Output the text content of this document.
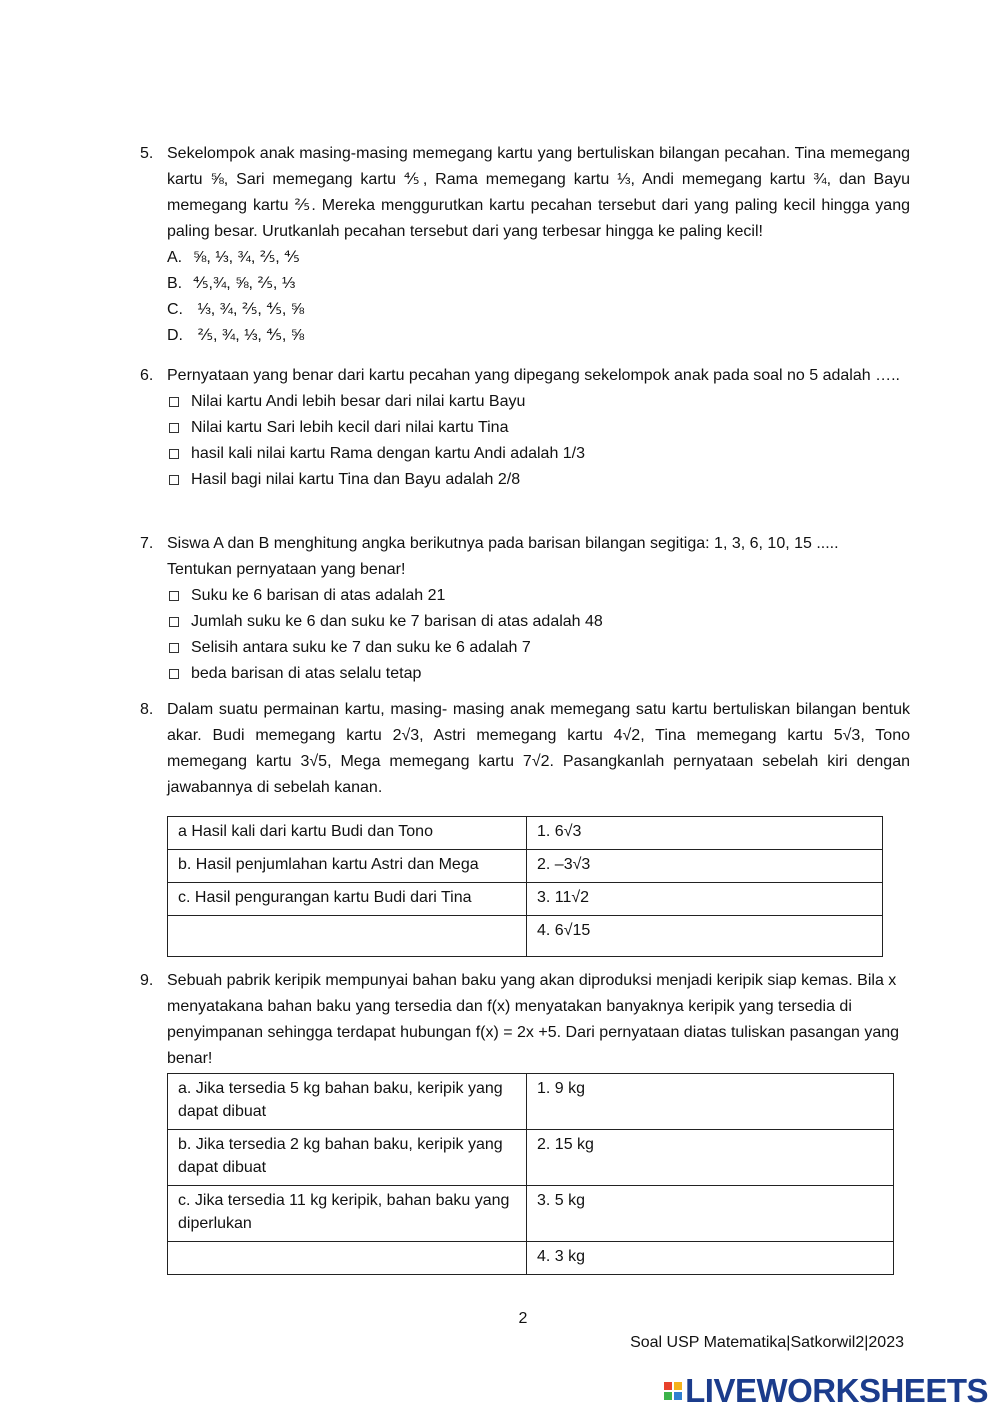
5. Sekelompok anak masing-masing memegang kartu yang bertuliskan bilangan pecahan. Tina memegang kartu ⅝, Sari memegang kartu ⅘, Rama memegang kartu ⅓, Andi memegang kartu ¾, dan Bayu memegang kartu ⅖. Mereka menggurutkan kartu pecahan tersebut dari yang paling kecil hingga yang paling besar. Urutkanlah pecahan tersebut dari yang terbesar hingga ke paling kecil!
A. ⅝, ⅓, ¾, ⅖, ⅘
B. ⅘,¾, ⅝, ⅖, ⅓
C. ⅓, ¾, ⅖, ⅘, ⅝
D. ⅖, ¾, ⅓, ⅘, ⅝
6. Pernyataan yang benar dari kartu pecahan yang dipegang sekelompok anak pada soal no 5 adalah …..
Nilai kartu Andi lebih besar dari nilai kartu Bayu
Nilai kartu Sari lebih kecil dari nilai kartu Tina
hasil kali nilai kartu Rama dengan kartu Andi adalah 1/3
Hasil bagi nilai kartu Tina dan Bayu adalah 2/8
7. Siswa A dan B menghitung angka berikutnya pada barisan bilangan segitiga: 1, 3, 6, 10, 15 ..... Tentukan pernyataan yang benar!
Suku ke 6 barisan di atas adalah 21
Jumlah suku ke 6 dan suku ke 7 barisan di atas adalah 48
Selisih antara suku ke 7 dan suku ke 6 adalah 7
beda barisan di atas selalu tetap
8. Dalam suatu permainan kartu, masing- masing anak memegang satu kartu bertuliskan bilangan bentuk akar. Budi memegang kartu 2√3, Astri memegang kartu 4√2, Tina memegang kartu 5√3, Tono memegang kartu 3√5, Mega memegang kartu 7√2. Pasangkanlah pernyataan sebelah kiri dengan jawabannya di sebelah kanan.
a Hasil kali dari kartu Budi dan Tono	1. 6√3
b. Hasil penjumlahan kartu Astri dan Mega	2. –3√3
c. Hasil pengurangan kartu Budi dari Tina	3. 11√2
	4. 6√15
9. Sebuah pabrik keripik mempunyai bahan baku yang akan diproduksi menjadi keripik siap kemas. Bila x menyatakana bahan baku yang tersedia dan f(x) menyatakan banyaknya keripik yang tersedia di penyimpanan sehingga terdapat hubungan f(x) = 2x +5. Dari pernyataan diatas tuliskan pasangan yang benar!
a. Jika tersedia 5 kg bahan baku, keripik yang dapat dibuat	1. 9 kg
b. Jika tersedia 2 kg bahan baku, keripik yang dapat dibuat	2. 15 kg
c. Jika tersedia 11 kg keripik, bahan baku yang diperlukan	3. 5 kg
	4. 3 kg
2
Soal USP Matematika|Satkorwil2|2023
LIVEWORKSHEETS
